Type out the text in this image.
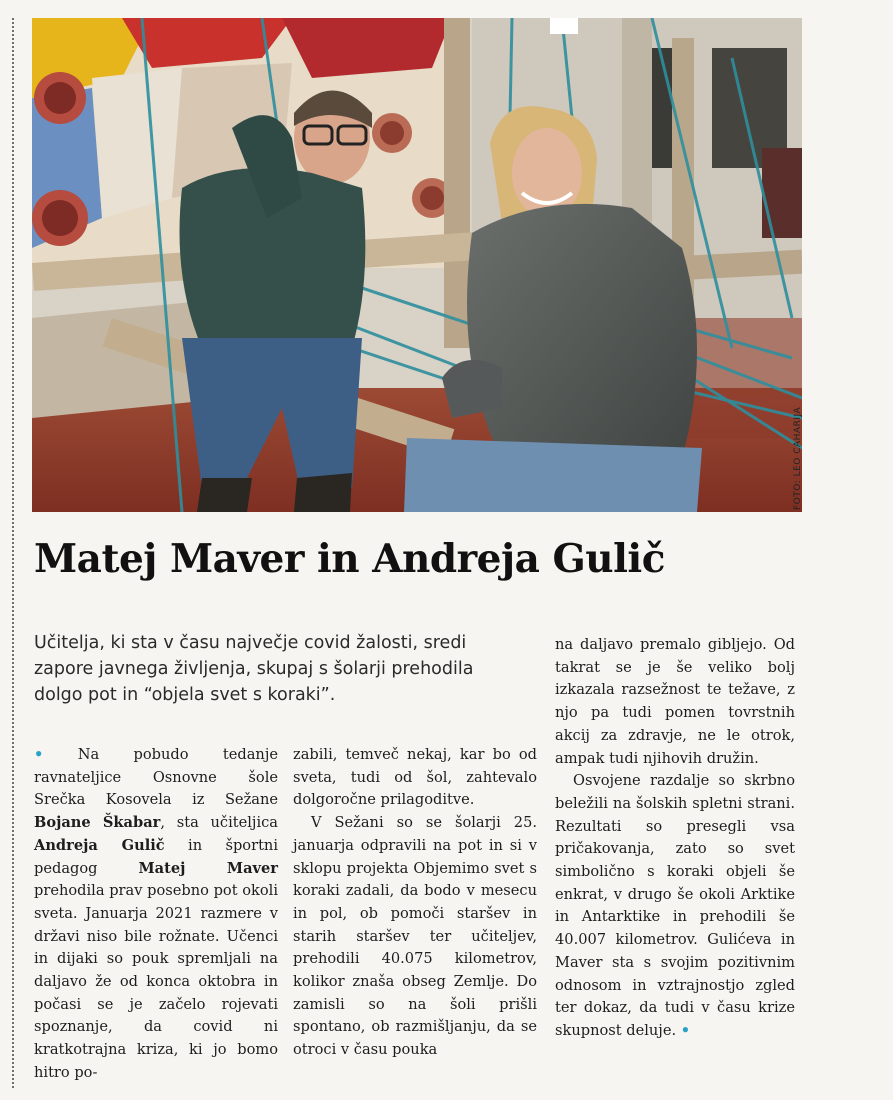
FOTO: LEO CAHARIJA
Matej Maver in Andreja Gulič

Učitelja, ki sta v času največje covid žalosti, sredi zapore javnega življenja, skupaj s šolarji prehodila dolgo pot in “objela svet s koraki”.

• Na pobudo tedanje ravnateljice Osnovne šole Srečka Kosovela iz Sežane Bojane Škabar, sta učiteljica Andreja Gulič in športni pedagog Matej Maver prehodila prav posebno pot okoli sveta. Januarja 2021 razmere v državi niso bile rožnate. Učenci in dijaki so pouk spremljali na daljavo že od konca oktobra in počasi se je začelo rojevati spoznanje, da covid ni kratkotrajna kriza, ki jo bomo hitro po-

zabili, temveč nekaj, kar bo od sveta, tudi od šol, zahtevalo dolgoročne prilagoditve.

V Sežani so se šolarji 25. januarja odpravili na pot in si v sklopu projekta Objemimo svet s koraki zadali, da bodo v mesecu in pol, ob pomoči staršev in starih staršev ter učiteljev, prehodili 40.075 kilometrov, kolikor znaša obseg Zemlje. Do zamisli so na šoli prišli spontano, ob razmišljanju, da se otroci v času pouka

na daljavo premalo gibljejo. Od takrat se je še veliko bolj izkazala razsežnost te težave, z njo pa tudi pomen tovrstnih akcij za zdravje, ne le otrok, ampak tudi njihovih družin.

Osvojene razdalje so skrbno beležili na šolskih spletni strani. Rezultati so presegli vsa pričakovanja, zato so svet simbolično s koraki objeli še enkrat, v drugo še okoli Arktike in Antarktike in prehodili še 40.007 kilometrov. Gulićeva in Maver sta s svojim pozitivnim odnosom in vztrajnostjo zgled ter dokaz, da tudi v času krize skupnost deluje. •
